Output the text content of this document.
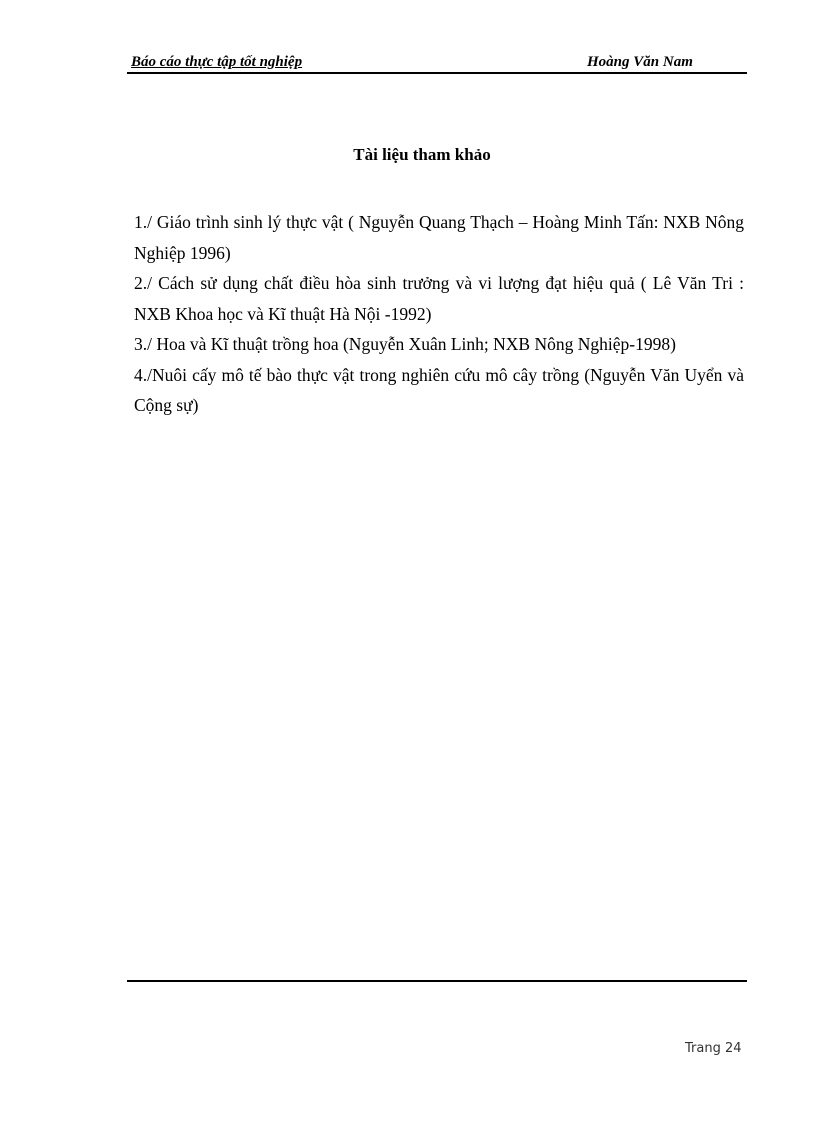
Báo cáo thực tập tốt nghiệp	Hoàng Văn Nam
Tài liệu tham khảo
1./ Giáo trình sinh lý thực vật ( Nguyễn Quang Thạch – Hoàng Minh Tấn: NXB Nông Nghiệp 1996)
2./ Cách sử dụng chất điều hòa sinh trưởng và vi lượng đạt hiệu quả ( Lê Văn Tri : NXB Khoa học và Kĩ thuật Hà Nội -1992)
3./ Hoa và Kĩ thuật trồng hoa (Nguyễn Xuân Linh; NXB Nông Nghiệp-1998)
4./Nuôi cấy mô tế bào thực vật trong nghiên cứu mô cây trồng (Nguyễn Văn Uyển và Cộng sự)
Trang 24
